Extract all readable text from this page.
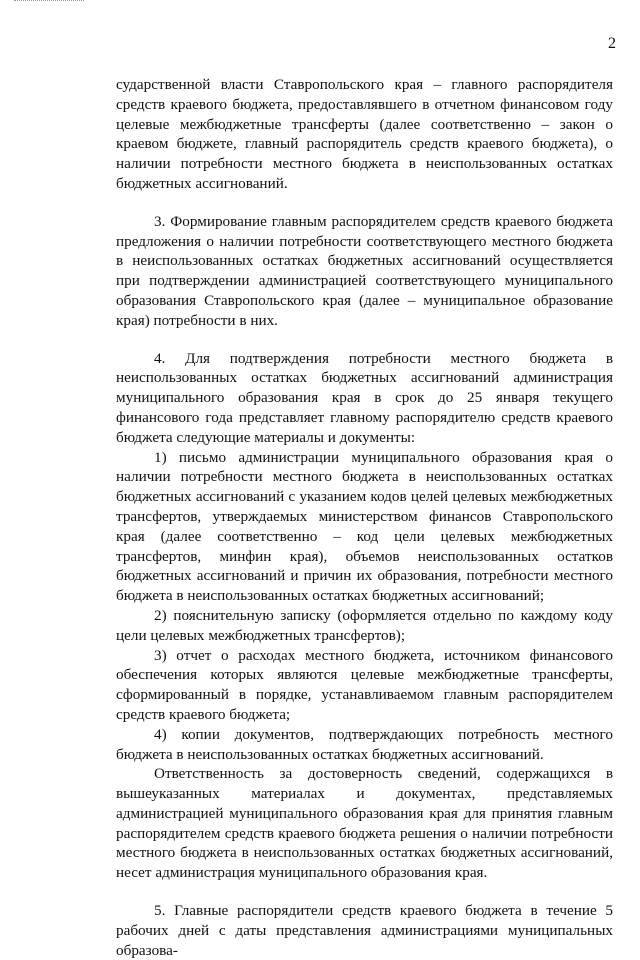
2

сударственной власти Ставропольского края – главного распорядителя средств краевого бюджета, предоставлявшего в отчетном финансовом году целевые межбюджетные трансферты (далее соответственно – закон о краевом бюджете, главный распорядитель средств краевого бюджета), о наличии потребности местного бюджета в неиспользованных остатках бюджетных ассигнований.

3. Формирование главным распорядителем средств краевого бюджета предложения о наличии потребности соответствующего местного бюджета в неиспользованных остатках бюджетных ассигнований осуществляется при подтверждении администрацией соответствующего муниципального образования Ставропольского края (далее – муниципальное образование края) потребности в них.

4. Для подтверждения потребности местного бюджета в неиспользованных остатках бюджетных ассигнований администрация муниципального образования края в срок до 25 января текущего финансового года представляет главному распорядителю средств краевого бюджета следующие материалы и документы:

1) письмо администрации муниципального образования края о наличии потребности местного бюджета в неиспользованных остатках бюджетных ассигнований с указанием кодов целей целевых межбюджетных трансфертов, утверждаемых министерством финансов Ставропольского края (далее соответственно – код цели целевых межбюджетных трансфертов, минфин края), объемов неиспользованных остатков бюджетных ассигнований и причин их образования, потребности местного бюджета в неиспользованных остатках бюджетных ассигнований;

2) пояснительную записку (оформляется отдельно по каждому коду цели целевых межбюджетных трансфертов);

3) отчет о расходах местного бюджета, источником финансового обеспечения которых являются целевые межбюджетные трансферты, сформированный в порядке, устанавливаемом главным распорядителем средств краевого бюджета;

4) копии документов, подтверждающих потребность местного бюджета в неиспользованных остатках бюджетных ассигнований.

Ответственность за достоверность сведений, содержащихся в вышеуказанных материалах и документах, представляемых администрацией муниципального образования края для принятия главным распорядителем средств краевого бюджета решения о наличии потребности местного бюджета в неиспользованных остатках бюджетных ассигнований, несет администрация муниципального образования края.

5. Главные распорядители средств краевого бюджета в течение 5 рабочих дней с даты представления администрациями муниципальных образова-
